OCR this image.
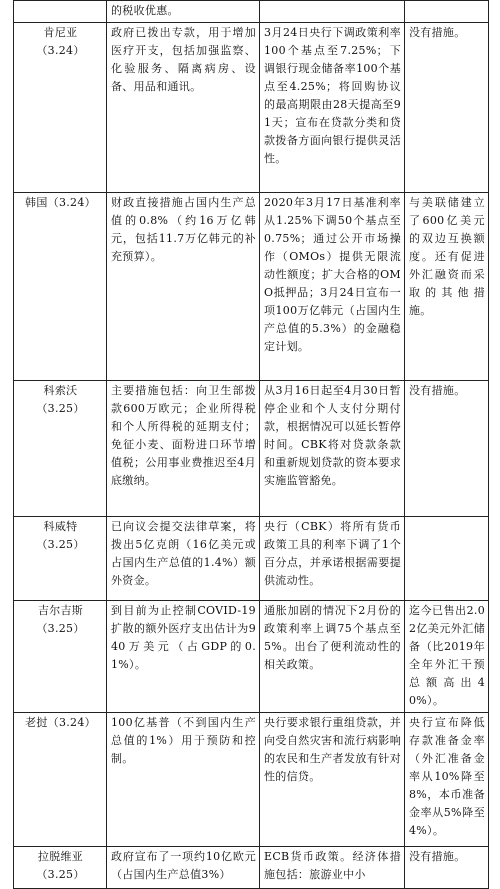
	的税收优惠。		

肯尼亚
（3.24）	政府已拨出专款，用于增加医疗开支，包括加强监察、化验服务、隔离病房、设备、用品和通讯。	3月24日央行下调政策利率100个基点至7.25%；下调银行现金储备率100个基点至4.25%；将回购协议的最高期限由28天提高至91天；宣布在贷款分类和贷款拨备方面向银行提供灵活性。	没有措施。

韩国（3.24）	财政直接措施占国内生产总值的0.8%（约16万亿韩元，包括11.7万亿韩元的补充预算）。	2020年3月17日基准利率从1.25%下调50个基点至0.75%；通过公开市场操作（OMOs）提供无限流动性额度；扩大合格的OMO抵押品；3月24日宣布一项100万亿韩元（占国内生产总值的5.3%）的金融稳定计划。	与美联储建立了600亿美元的双边互换额度。还有促进外汇融资而采取的其他措施。

科索沃
（3.25）	主要措施包括：向卫生部拨款600万欧元；企业所得税和个人所得税的延期支付；免征小麦、面粉进口环节增值税；公用事业费推迟至4月底缴纳。	从3月16日起至4月30日暂停企业和个人支付分期付款，根据情况可以延长暂停时间。CBK将对贷款条款和重新规划贷款的资本要求实施监管豁免。	没有措施。

科威特
（3.25）	已向议会提交法律草案，将拨出5亿克朗（16亿美元或占国内生产总值的1.4%）额外资金。	央行（CBK）将所有货币政策工具的利率下调了1个百分点，并承诺根据需要提供流动性。	

吉尔吉斯
（3.25）	到目前为止控制COVID-19扩散的额外医疗支出估计为940万美元（占GDP的0.1%）。	通胀加剧的情况下2月份的政策利率上调75个基点至5%。出台了便利流动性的相关政策。	迄今已售出2.02亿美元外汇储备（比2019年全年外汇干预总额高出40%）。

老挝（3.24）	100亿基普（不到国内生产总值的1%）用于预防和控制。	央行要求银行重组贷款，并向受自然灾害和流行病影响的农民和生产者发放有针对性的信贷。	央行宣布降低存款准备金率（外汇准备金率从10%降至8%，本币准备金率从5%降至4%）。

拉脱维亚
（3.25）	政府宣布了一项约10亿欧元（占国内生产总值3%）	ECB货币政策。经济体措施包括：旅游业中小	没有措施。
